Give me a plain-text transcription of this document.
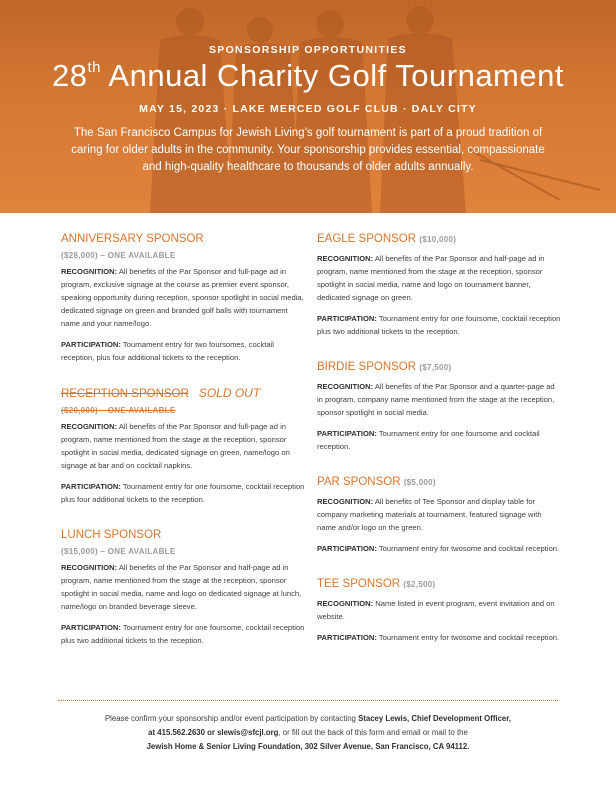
SPONSORSHIP OPPORTUNITIES
28th Annual Charity Golf Tournament
MAY 15, 2023 · LAKE MERCED GOLF CLUB · DALY CITY
The San Francisco Campus for Jewish Living’s golf tournament is part of a proud tradition of caring for older adults in the community. Your sponsorship provides essential, compassionate and high-quality healthcare to thousands of older adults annually.
ANNIVERSARY SPONSOR
($28,000) – ONE AVAILABLE

RECOGNITION: All benefits of the Par Sponsor and full-page ad in program, exclusive signage at the course as premier event sponsor, speaking opportunity during reception, sponsor spotlight in social media, dedicated signage on green and branded golf balls with tournament name and your name/logo.

PARTICIPATION: Tournament entry for two foursomes, cocktail reception, plus four additional tickets to the reception.

RECEPTION SPONSOR SOLD OUT
($20,000) – ONE AVAILABLE

RECOGNITION: All benefits of the Par Sponsor and full-page ad in program, name mentioned from the stage at the reception, sponsor spotlight in social media, dedicated signage on green, name/logo on signage at bar and on cocktail napkins.

PARTICIPATION: Tournament entry for one foursome, cocktail reception plus four additional tickets to the reception.

LUNCH SPONSOR
($15,000) – ONE AVAILABLE

RECOGNITION: All benefits of the Par Sponsor and half-page ad in program, name mentioned from the stage at the reception, sponsor spotlight in social media, name and logo on dedicated signage at lunch, name/logo on branded beverage sleeve.

PARTICIPATION: Tournament entry for one foursome, cocktail reception plus two additional tickets to the reception.

EAGLE SPONSOR ($10,000)

RECOGNITION: All benefits of the Par Sponsor and half-page ad in program, name mentioned from the stage at the reception, sponsor spotlight in social media, name and logo on tournament banner, dedicated signage on green.

PARTICIPATION: Tournament entry for one foursome, cocktail reception plus two additional tickets to the reception.

BIRDIE SPONSOR ($7,500)

RECOGNITION: All benefits of the Par Sponsor and a quarter-page ad in program, company name mentioned from the stage at the reception, sponsor spotlight in social media.

PARTICIPATION: Tournament entry for one foursome and cocktail reception.

PAR SPONSOR ($5,000)

RECOGNITION: All benefits of Tee Sponsor and display table for company marketing materials at tournament, featured signage with name and/or logo on the green.

PARTICIPATION: Tournament entry for twosome and cocktail reception.

TEE SPONSOR ($2,500)

RECOGNITION: Name listed in event program, event invitation and on website.

PARTICIPATION: Tournament entry for twosome and cocktail reception.

Please confirm your sponsorship and/or event participation by contacting Stacey Lewis, Chief Development Officer,
at 415.562.2630 or slewis@sfcjl.org, or fill out the back of this form and email or mail to the
Jewish Home & Senior Living Foundation, 302 Silver Avenue, San Francisco, CA 94112.
